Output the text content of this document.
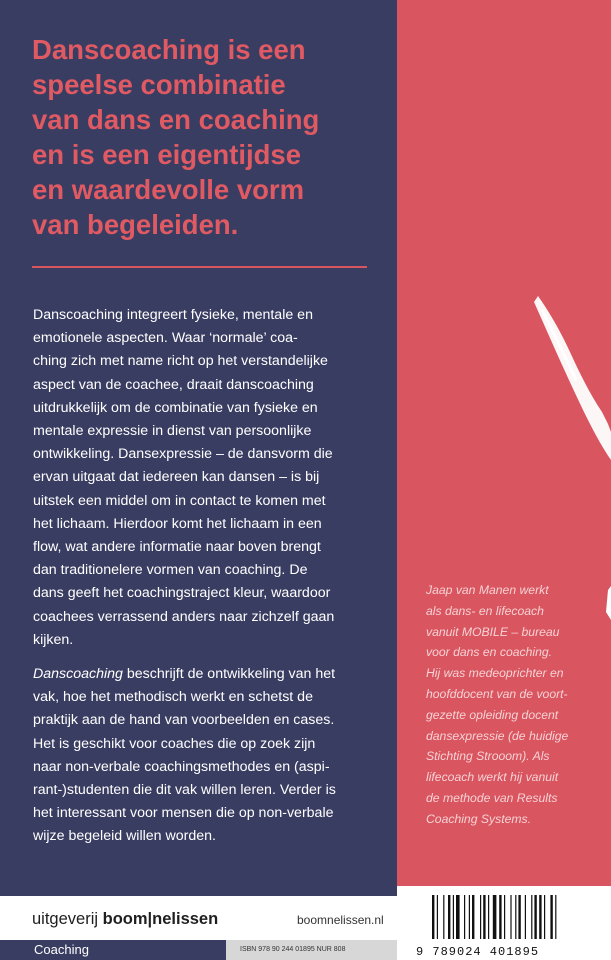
Danscoaching is een
speelse combinatie
van dans en coaching
en is een eigentijdse
en waardevolle vorm
van begeleiden.

Danscoaching integreert fysieke, mentale en
emotionele aspecten. Waar ‘normale’ coa-
ching zich met name richt op het verstandelijke
aspect van de coachee, draait danscoaching
uitdrukkelijk om de combinatie van fysieke en
mentale expressie in dienst van persoonlijke
ontwikkeling. Dansexpressie – de dansvorm die
ervan uitgaat dat iedereen kan dansen – is bij
uitstek een middel om in contact te komen met
het lichaam. Hierdoor komt het lichaam in een
flow, wat andere informatie naar boven brengt
dan traditionelere vormen van coaching. De
dans geeft het coachingstraject kleur, waardoor
coachees verrassend anders naar zichzelf gaan
kijken.

Danscoaching beschrijft de ontwikkeling van het
vak, hoe het methodisch werkt en schetst de
praktijk aan de hand van voorbeelden en cases.
Het is geschikt voor coaches die op zoek zijn
naar non-verbale coachingsmethodes en (aspi-
rant-)studenten die dit vak willen leren. Verder is
het interessant voor mensen die op non-verbale
wijze begeleid willen worden.

Jaap van Manen werkt
als dans- en lifecoach
vanuit MOBILE – bureau
voor dans en coaching.
Hij was medeoprichter en
hoofddocent van de voort-
gezette opleiding docent
dansexpressie (de huidige
Stichting Strooom). Als
lifecoach werkt hij vanuit
de methode van Results
Coaching Systems.

uitgeverij boom|nelissen	boomnelissen.nl
Coaching	ISBN 978 90 244 01895 NUR 808	9 789024 401895
